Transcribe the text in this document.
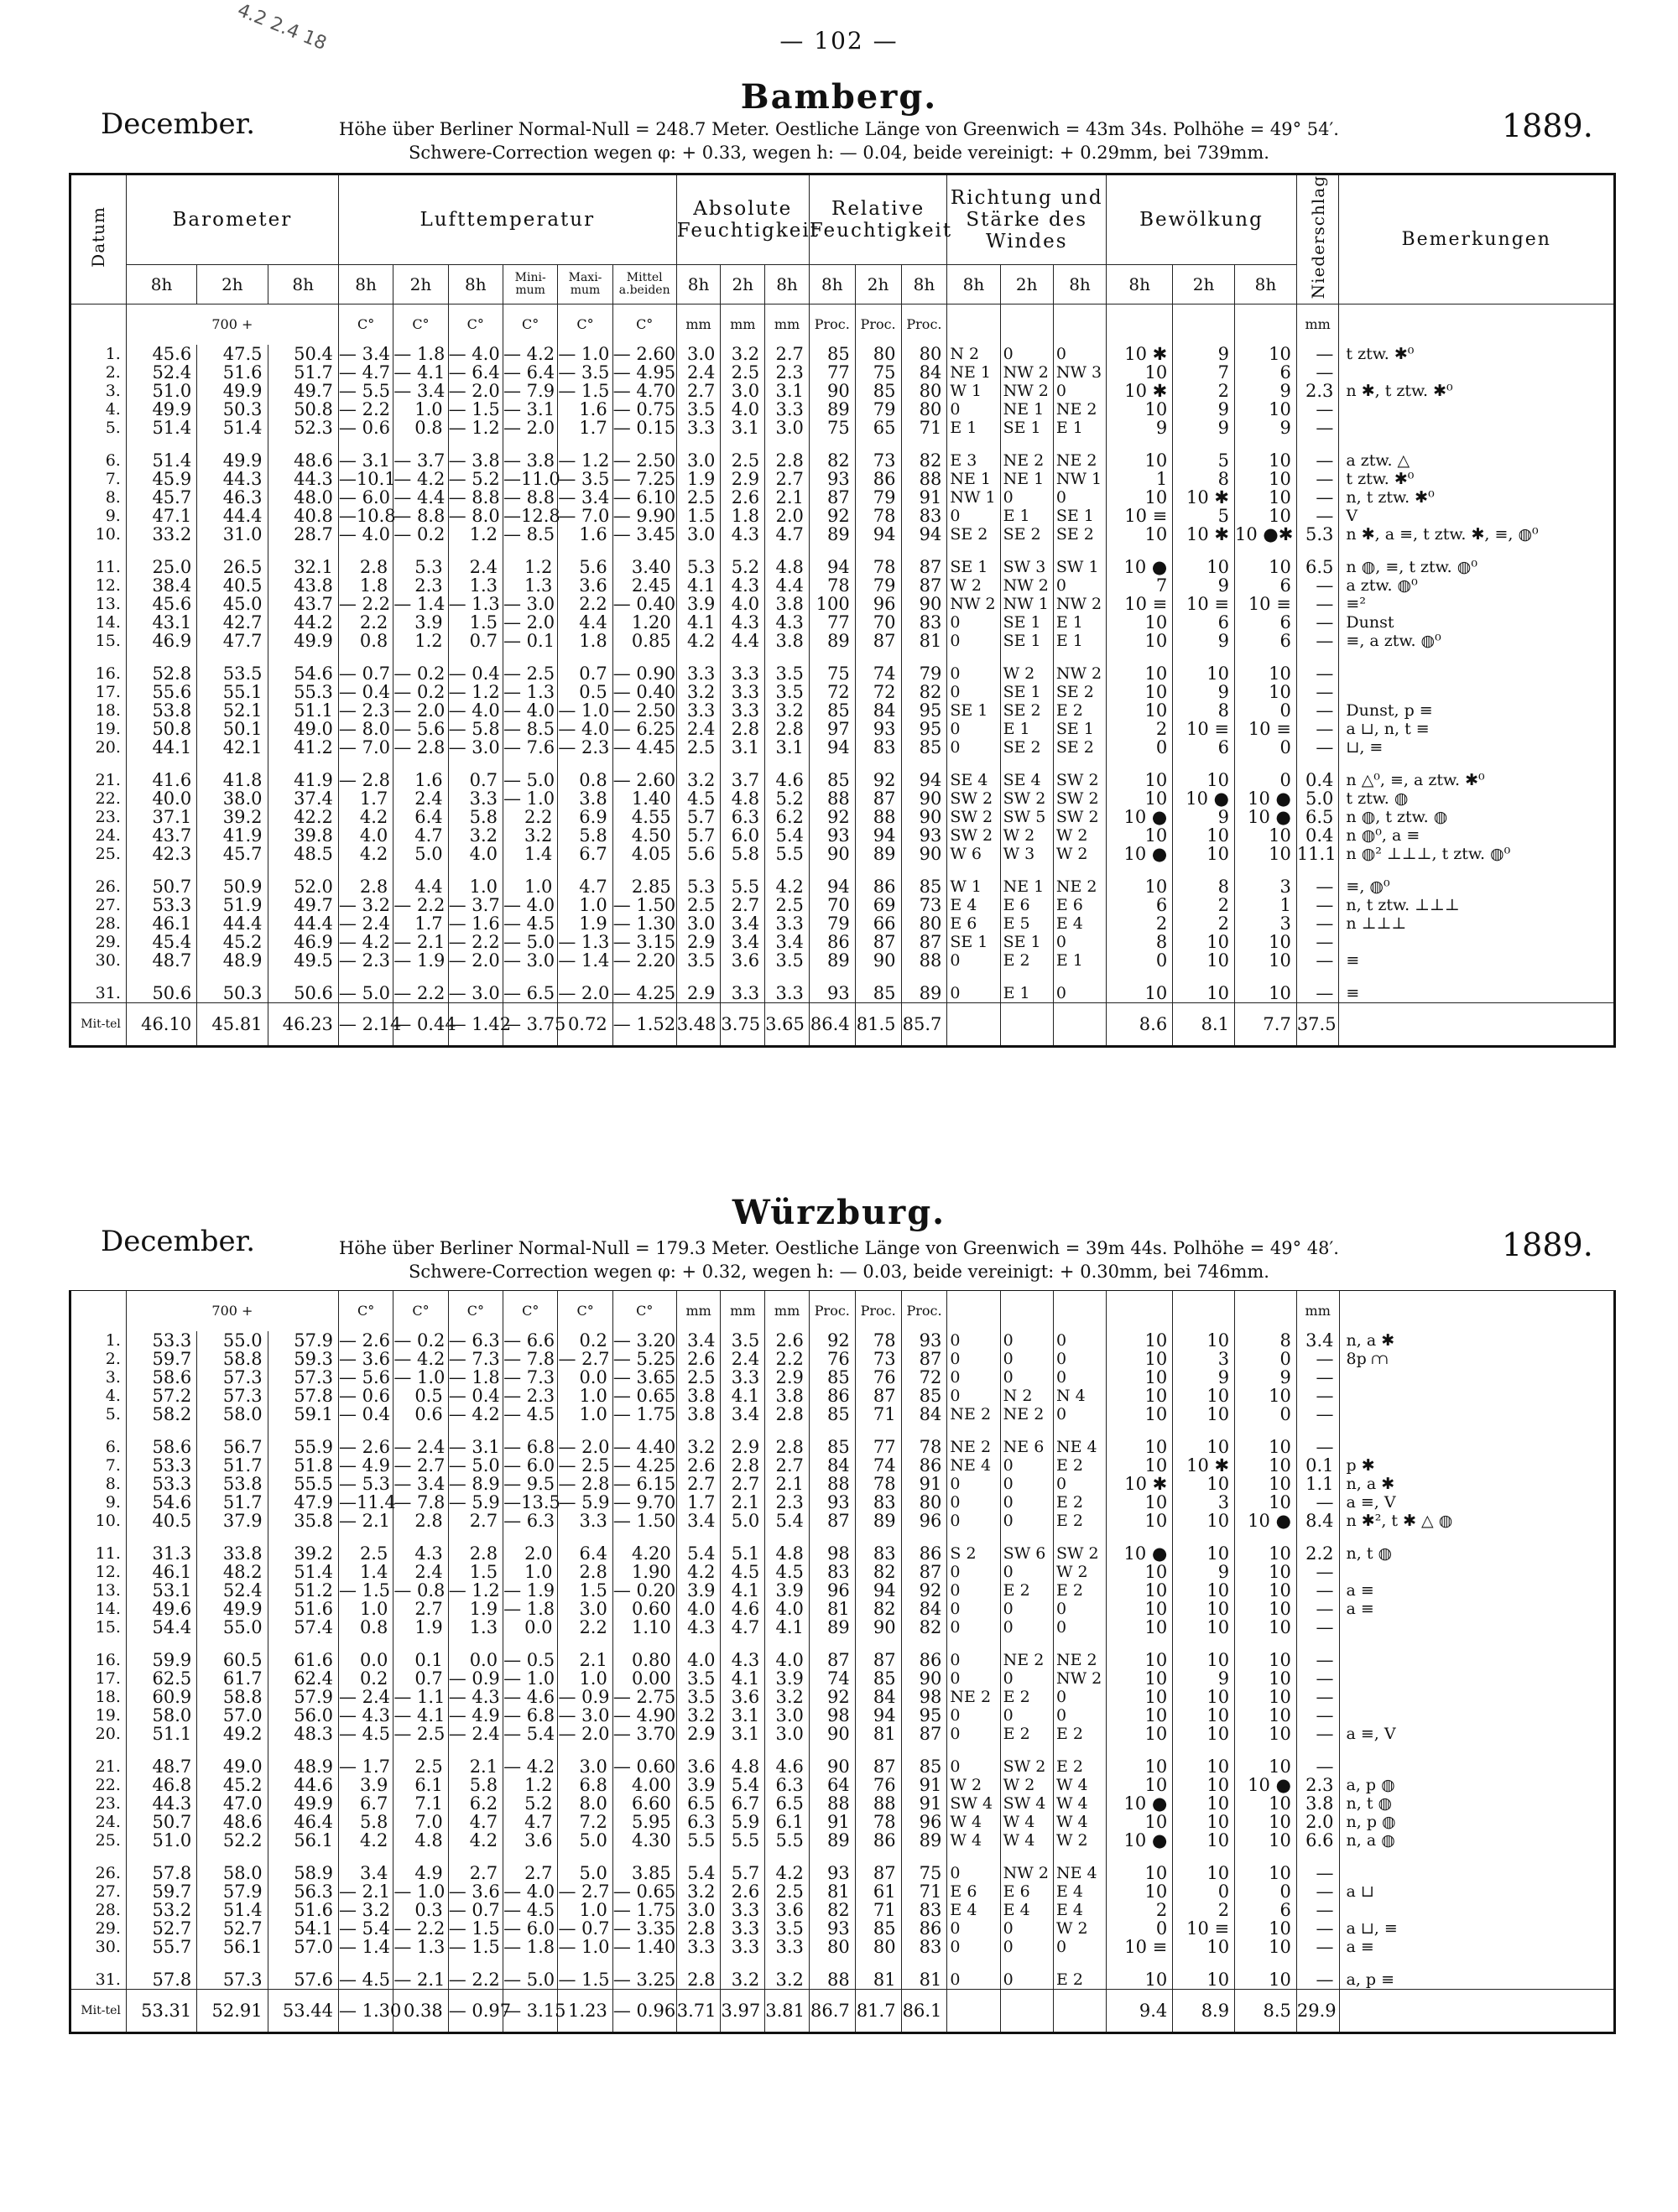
— 102 —
4.2 2.4 18
Bamberg.
December.	1889.
Höhe über Berliner Normal-Null = 248.7 Meter. Oestliche Länge von Greenwich = 43m 34s. Polhöhe = 49° 54′.
Schwere-Correction wegen φ: + 0.33, wegen h: — 0.04, beide vereinigt: + 0.29mm, bei 739mm.
Datum	Barometer			Lufttemperatur						Absolute Feuchtigkeit			Relative Feuchtigkeit			Richtung und Stärke des Windes			Bewölkung			Niederschlag	Bemerkungen
	8h	2h	8h	8h	2h	8h	Mini-mum	Maxi-mum	Mittel a.beiden	8h	2h	8h	8h	2h	8h	8h	2h	8h	8h	2h	8h		
	700 +			C°	C°	C°	C°	C°	C°	mm	mm	mm	Proc.	Proc.	Proc.							mm	
1.	45.6	47.5	50.4	— 3.4	— 1.8	— 4.0	— 4.2	— 1.0	— 2.60	3.0	3.2	2.7	85	80	80	N 2	0	0	10 ✱	9	10	—	t ztw. ✱⁰
2.	52.4	51.6	51.7	— 4.7	— 4.1	— 6.4	— 6.4	— 3.5	— 4.95	2.4	2.5	2.3	77	75	84	NE 1	NW 2	NW 3	10	7	6	—	
3.	51.0	49.9	49.7	— 5.5	— 3.4	— 2.0	— 7.9	— 1.5	— 4.70	2.7	3.0	3.1	90	85	80	W 1	NW 2	0	10 ✱	2	9	2.3	n ✱, t ztw. ✱⁰
4.	49.9	50.3	50.8	— 2.2	1.0	— 1.5	— 3.1	1.6	— 0.75	3.5	4.0	3.3	89	79	80	0	NE 1	NE 2	10	9	10	—	
5.	51.4	51.4	52.3	— 0.6	0.8	— 1.2	— 2.0	1.7	— 0.15	3.3	3.1	3.0	75	65	71	E 1	SE 1	E 1	9	9	9	—	

6.	51.4	49.9	48.6	— 3.1	— 3.7	— 3.8	— 3.8	— 1.2	— 2.50	3.0	2.5	2.8	82	73	82	E 3	NE 2	NE 2	10	5	10	—	a ztw. △
7.	45.9	44.3	44.3	—10.1	— 4.2	— 5.2	—11.0	— 3.5	— 7.25	1.9	2.9	2.7	93	86	88	NE 1	NE 1	NW 1	1	8	10	—	t ztw. ✱⁰
8.	45.7	46.3	48.0	— 6.0	— 4.4	— 8.8	— 8.8	— 3.4	— 6.10	2.5	2.6	2.1	87	79	91	NW 1	0	0	10	10 ✱	10	—	n, t ztw. ✱⁰
9.	47.1	44.4	40.8	—10.8	— 8.8	— 8.0	—12.8	— 7.0	— 9.90	1.5	1.8	2.0	92	78	83	0	E 1	SE 1	10 ≡	5	10	—	V
10.	33.2	31.0	28.7	— 4.0	— 0.2	1.2	— 8.5	1.6	— 3.45	3.0	4.3	4.7	89	94	94	SE 2	SE 2	SE 2	10	10 ✱	10 ●✱	5.3	n ✱, a ≡, t ztw. ✱, ≡, ◍⁰

11.	25.0	26.5	32.1	2.8	5.3	2.4	1.2	5.6	3.40	5.3	5.2	4.8	94	78	87	SE 1	SW 3	SW 1	10 ●	10	10	6.5	n ◍, ≡, t ztw. ◍⁰
12.	38.4	40.5	43.8	1.8	2.3	1.3	1.3	3.6	2.45	4.1	4.3	4.4	78	79	87	W 2	NW 2	0	7	9	6	—	a ztw. ◍⁰
13.	45.6	45.0	43.7	— 2.2	— 1.4	— 1.3	— 3.0	2.2	— 0.40	3.9	4.0	3.8	100	96	90	NW 2	NW 1	NW 2	10 ≡	10 ≡	10 ≡	—	≡²
14.	43.1	42.7	44.2	2.2	3.9	1.5	— 2.0	4.4	1.20	4.1	4.3	4.3	77	70	83	0	SE 1	E 1	10	6	6	—	Dunst
15.	46.9	47.7	49.9	0.8	1.2	0.7	— 0.1	1.8	0.85	4.2	4.4	3.8	89	87	81	0	SE 1	E 1	10	9	6	—	≡, a ztw. ◍⁰

16.	52.8	53.5	54.6	— 0.7	— 0.2	— 0.4	— 2.5	0.7	— 0.90	3.3	3.3	3.5	75	74	79	0	W 2	NW 2	10	10	10	—	
17.	55.6	55.1	55.3	— 0.4	— 0.2	— 1.2	— 1.3	0.5	— 0.40	3.2	3.3	3.5	72	72	82	0	SE 1	SE 2	10	9	10	—	
18.	53.8	52.1	51.1	— 2.3	— 2.0	— 4.0	— 4.0	— 1.0	— 2.50	3.3	3.3	3.2	85	84	95	SE 1	SE 2	E 2	10	8	0	—	Dunst, p ≡
19.	50.8	50.1	49.0	— 8.0	— 5.6	— 5.8	— 8.5	— 4.0	— 6.25	2.4	2.8	2.8	97	93	95	0	E 1	SE 1	2	10 ≡	10 ≡	—	a ⊔, n, t ≡
20.	44.1	42.1	41.2	— 7.0	— 2.8	— 3.0	— 7.6	— 2.3	— 4.45	2.5	3.1	3.1	94	83	85	0	SE 2	SE 2	0	6	0	—	⊔, ≡

21.	41.6	41.8	41.9	— 2.8	1.6	0.7	— 5.0	0.8	— 2.60	3.2	3.7	4.6	85	92	94	SE 4	SE 4	SW 2	10	10	0	0.4	n △⁰, ≡, a ztw. ✱⁰
22.	40.0	38.0	37.4	1.7	2.4	3.3	— 1.0	3.8	1.40	4.5	4.8	5.2	88	87	90	SW 2	SW 2	SW 2	10	10 ●	10 ●	5.0	t ztw. ◍
23.	37.1	39.2	42.2	4.2	6.4	5.8	2.2	6.9	4.55	5.7	6.3	6.2	92	88	90	SW 2	SW 5	SW 2	10 ●	9	10 ●	6.5	n ◍, t ztw. ◍
24.	43.7	41.9	39.8	4.0	4.7	3.2	3.2	5.8	4.50	5.7	6.0	5.4	93	94	93	SW 2	W 2	W 2	10	10	10	0.4	n ◍⁰, a ≡
25.	42.3	45.7	48.5	4.2	5.0	4.0	1.4	6.7	4.05	5.6	5.8	5.5	90	89	90	W 6	W 3	W 2	10 ●	10	10	11.1	n ◍² ⊥⊥⊥, t ztw. ◍⁰

26.	50.7	50.9	52.0	2.8	4.4	1.0	1.0	4.7	2.85	5.3	5.5	4.2	94	86	85	W 1	NE 1	NE 2	10	8	3	—	≡, ◍⁰
27.	53.3	51.9	49.7	— 3.2	— 2.2	— 3.7	— 4.0	1.0	— 1.50	2.5	2.7	2.5	70	69	73	E 4	E 6	E 6	6	2	1	—	n, t ztw. ⊥⊥⊥
28.	46.1	44.4	44.4	— 2.4	1.7	— 1.6	— 4.5	1.9	— 1.30	3.0	3.4	3.3	79	66	80	E 6	E 5	E 4	2	2	3	—	n ⊥⊥⊥
29.	45.4	45.2	46.9	— 4.2	— 2.1	— 2.2	— 5.0	— 1.3	— 3.15	2.9	3.4	3.4	86	87	87	SE 1	SE 1	0	8	10	10	—	
30.	48.7	48.9	49.5	— 2.3	— 1.9	— 2.0	— 3.0	— 1.4	— 2.20	3.5	3.6	3.5	89	90	88	0	E 2	E 1	0	10	10	—	≡

31.	50.6	50.3	50.6	— 5.0	— 2.2	— 3.0	— 6.5	— 2.0	— 4.25	2.9	3.3	3.3	93	85	89	0	E 1	0	10	10	10	—	≡
Mit-tel	46.10	45.81	46.23	— 2.14	— 0.44	— 1.42	— 3.75	0.72	— 1.52	3.48	3.75	3.65	86.4	81.5	85.7				8.6	8.1	7.7	37.5	
Würzburg.
December.	1889.
Höhe über Berliner Normal-Null = 179.3 Meter. Oestliche Länge von Greenwich = 39m 44s. Polhöhe = 49° 48′.
Schwere-Correction wegen φ: + 0.32, wegen h: — 0.03, beide vereinigt: + 0.30mm, bei 746mm.
	700 +			C°	C°	C°	C°	C°	C°	mm	mm	mm	Proc.	Proc.	Proc.							mm	
1.	53.3	55.0	57.9	— 2.6	— 0.2	— 6.3	— 6.6	0.2	— 3.20	3.4	3.5	2.6	92	78	93	0	0	0	10	10	8	3.4	n, a ✱
2.	59.7	58.8	59.3	— 3.6	— 4.2	— 7.3	— 7.8	— 2.7	— 5.25	2.6	2.4	2.2	76	73	87	0	0	0	10	3	0	—	8p ⩋
3.	58.6	57.3	57.3	— 5.6	— 1.0	— 1.8	— 7.3	0.0	— 3.65	2.5	3.3	2.9	85	76	72	0	0	0	10	9	9	—	
4.	57.2	57.3	57.8	— 0.6	0.5	— 0.4	— 2.3	1.0	— 0.65	3.8	4.1	3.8	86	87	85	0	N 2	N 4	10	10	10	—	
5.	58.2	58.0	59.1	— 0.4	0.6	— 4.2	— 4.5	1.0	— 1.75	3.8	3.4	2.8	85	71	84	NE 2	NE 2	0	10	10	0	—	

6.	58.6	56.7	55.9	— 2.6	— 2.4	— 3.1	— 6.8	— 2.0	— 4.40	3.2	2.9	2.8	85	77	78	NE 2	NE 6	NE 4	10	10	10	—	
7.	53.3	51.7	51.8	— 4.9	— 2.7	— 5.0	— 6.0	— 2.5	— 4.25	2.6	2.8	2.7	84	74	86	NE 4	0	E 2	10	10 ✱	10	0.1	p ✱
8.	53.3	53.8	55.5	— 5.3	— 3.4	— 8.9	— 9.5	— 2.8	— 6.15	2.7	2.7	2.1	88	78	91	0	0	0	10 ✱	10	10	1.1	n, a ✱
9.	54.6	51.7	47.9	—11.4	— 7.8	— 5.9	—13.5	— 5.9	— 9.70	1.7	2.1	2.3	93	83	80	0	0	E 2	10	3	10	—	a ≡, V
10.	40.5	37.9	35.8	— 2.1	2.8	2.7	— 6.3	3.3	— 1.50	3.4	5.0	5.4	87	89	96	0	0	E 2	10	10	10 ●	8.4	n ✱², t ✱ △ ◍

11.	31.3	33.8	39.2	2.5	4.3	2.8	2.0	6.4	4.20	5.4	5.1	4.8	98	83	86	S 2	SW 6	SW 2	10 ●	10	10	2.2	n, t ◍
12.	46.1	48.2	51.4	1.4	2.4	1.5	1.0	2.8	1.90	4.2	4.5	4.5	83	82	87	0	0	W 2	10	9	10	—	
13.	53.1	52.4	51.2	— 1.5	— 0.8	— 1.2	— 1.9	1.5	— 0.20	3.9	4.1	3.9	96	94	92	0	E 2	E 2	10	10	10	—	a ≡
14.	49.6	49.9	51.6	1.0	2.7	1.9	— 1.8	3.0	0.60	4.0	4.6	4.0	81	82	84	0	0	0	10	10	10	—	a ≡
15.	54.4	55.0	57.4	0.8	1.9	1.3	0.0	2.2	1.10	4.3	4.7	4.1	89	90	82	0	0	0	10	10	10	—	

16.	59.9	60.5	61.6	0.0	0.1	0.0	— 0.5	2.1	0.80	4.0	4.3	4.0	87	87	86	0	NE 2	NE 2	10	10	10	—	
17.	62.5	61.7	62.4	0.2	0.7	— 0.9	— 1.0	1.0	0.00	3.5	4.1	3.9	74	85	90	0	0	NW 2	10	9	10	—	
18.	60.9	58.8	57.9	— 2.4	— 1.1	— 4.3	— 4.6	— 0.9	— 2.75	3.5	3.6	3.2	92	84	98	NE 2	E 2	0	10	10	10	—	
19.	58.0	57.0	56.0	— 4.3	— 4.1	— 4.9	— 6.8	— 3.0	— 4.90	3.2	3.1	3.0	98	94	95	0	0	0	10	10	10	—	
20.	51.1	49.2	48.3	— 4.5	— 2.5	— 2.4	— 5.4	— 2.0	— 3.70	2.9	3.1	3.0	90	81	87	0	E 2	E 2	10	10	10	—	a ≡, V

21.	48.7	49.0	48.9	— 1.7	2.5	2.1	— 4.2	3.0	— 0.60	3.6	4.8	4.6	90	87	85	0	SW 2	E 2	10	10	10	—	
22.	46.8	45.2	44.6	3.9	6.1	5.8	1.2	6.8	4.00	3.9	5.4	6.3	64	76	91	W 2	W 2	W 4	10	10	10 ●	2.3	a, p ◍
23.	44.3	47.0	49.9	6.7	7.1	6.2	5.2	8.0	6.60	6.5	6.7	6.5	88	88	91	SW 4	SW 4	W 4	10 ●	10	10	3.8	n, t ◍
24.	50.7	48.6	46.4	5.8	7.0	4.7	4.7	7.2	5.95	6.3	5.9	6.1	91	78	96	W 4	W 4	W 4	10	10	10	2.0	n, p ◍
25.	51.0	52.2	56.1	4.2	4.8	4.2	3.6	5.0	4.30	5.5	5.5	5.5	89	86	89	W 4	W 4	W 2	10 ●	10	10	6.6	n, a ◍

26.	57.8	58.0	58.9	3.4	4.9	2.7	2.7	5.0	3.85	5.4	5.7	4.2	93	87	75	0	NW 2	NE 4	10	10	10	—	
27.	59.7	57.9	56.3	— 2.1	— 1.0	— 3.6	— 4.0	— 2.7	— 0.65	3.2	2.6	2.5	81	61	71	E 6	E 6	E 4	10	0	0	—	a ⊔
28.	53.2	51.4	51.6	— 3.2	0.3	— 0.7	— 4.5	1.0	— 1.75	3.0	3.3	3.6	82	71	83	E 4	E 4	E 4	2	2	6	—	
29.	52.7	52.7	54.1	— 5.4	— 2.2	— 1.5	— 6.0	— 0.7	— 3.35	2.8	3.3	3.5	93	85	86	0	0	W 2	0	10 ≡	10	—	a ⊔, ≡
30.	55.7	56.1	57.0	— 1.4	— 1.3	— 1.5	— 1.8	— 1.0	— 1.40	3.3	3.3	3.3	80	80	83	0	0	0	10 ≡	10	10	—	a ≡

31.	57.8	57.3	57.6	— 4.5	— 2.1	— 2.2	— 5.0	— 1.5	— 3.25	2.8	3.2	3.2	88	81	81	0	0	E 2	10	10	10	—	a, p ≡
Mit-tel	53.31	52.91	53.44	— 1.30	0.38	— 0.97	— 3.15	1.23	— 0.96	3.71	3.97	3.81	86.7	81.7	86.1				9.4	8.9	8.5	29.9	
